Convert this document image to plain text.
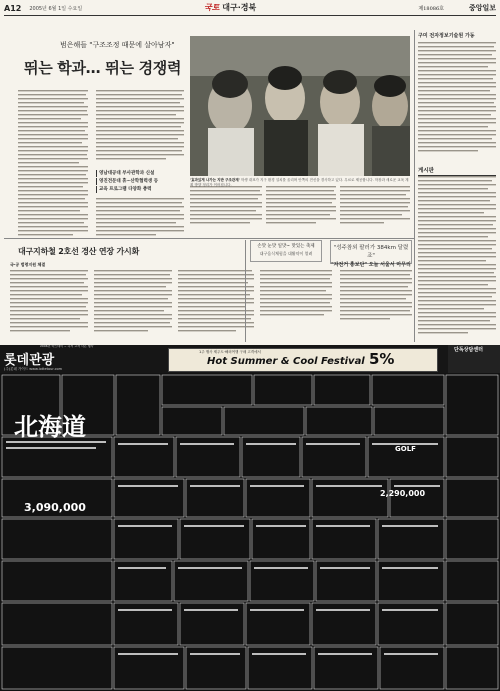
A12 2005년 6월 1일 수요일	국토 대구·경북	제18086호	중앙일보
범은해들 "구조조정 때문에 살아남자"
뛰는 학과… 뛰는 경쟁력
영남대공대 부사관학과 신설
영진전문대 휴~산학협력생 등
교육 프로그램 다양화 총력
'효과있게 나가는 지반 구조관계' 학생 대표가 지구 환경 설치를 올리며 안쪽의 전신을 경사하고 있다. 무료로 제공합니다. 학장과 새로운 교육 계획 방향 정리가 이어집니다.
구미 전자정보기술원 가동
게시판
대구지하철 2호선 경산 연장 가시화
국·공 법령지원 체결
손맛 눈맛 일맛~ 맛있는 축제
대구음식체험을 대활약이 열려
"성주참외 팔러가 384km 달렸죠"
"자전거 홍보단" 오늘 서울서 마무리
2006년 박스데이 ~ 즉석 고객 사은 행사
롯데관광
(주)롯데 가이드 www.lottetour.com
1주 행사 제주도·해외여행 구매 고객에서
Hot Summer & Cool Festival 5%	단독상담센터
北海道
3,090,000
2,290,000
GOLF
